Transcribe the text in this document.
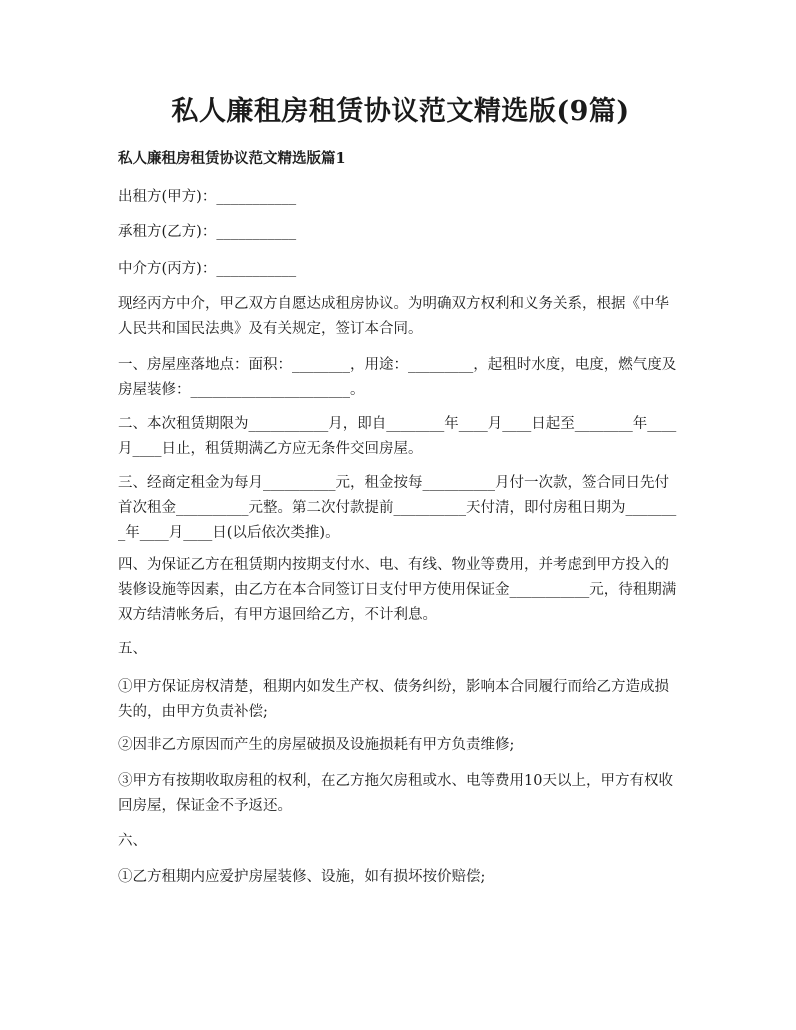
私人廉租房租赁协议范文精选版(9篇)

私人廉租房租赁协议范文精选版篇1

出租方(甲方)：___________

承租方(乙方)：___________

中介方(丙方)：___________

现经丙方中介，甲乙双方自愿达成租房协议。为明确双方权利和义务关系，根据《中华人民共和国民法典》及有关规定，签订本合同。

一、房屋座落地点：面积：________，用途：_________，起租时水度，电度，燃气度及房屋装修：______________________。

二、本次租赁期限为___________月，即自________年____月____日起至________年____月____日止，租赁期满乙方应无条件交回房屋。

三、经商定租金为每月__________元，租金按每__________月付一次款，签合同日先付首次租金__________元整。第二次付款提前__________天付清，即付房租日期为________年____月____日(以后依次类推)。

四、为保证乙方在租赁期内按期支付水、电、有线、物业等费用，并考虑到甲方投入的装修设施等因素，由乙方在本合同签订日支付甲方使用保证金___________元，待租期满双方结清帐务后，有甲方退回给乙方，不计利息。

五、

①甲方保证房权清楚，租期内如发生产权、债务纠纷，影响本合同履行而给乙方造成损失的，由甲方负责补偿;

②因非乙方原因而产生的房屋破损及设施损耗有甲方负责维修;

③甲方有按期收取房租的权利，在乙方拖欠房租或水、电等费用10天以上，甲方有权收回房屋，保证金不予返还。

六、

①乙方租期内应爱护房屋装修、设施，如有损坏按价赔偿;
